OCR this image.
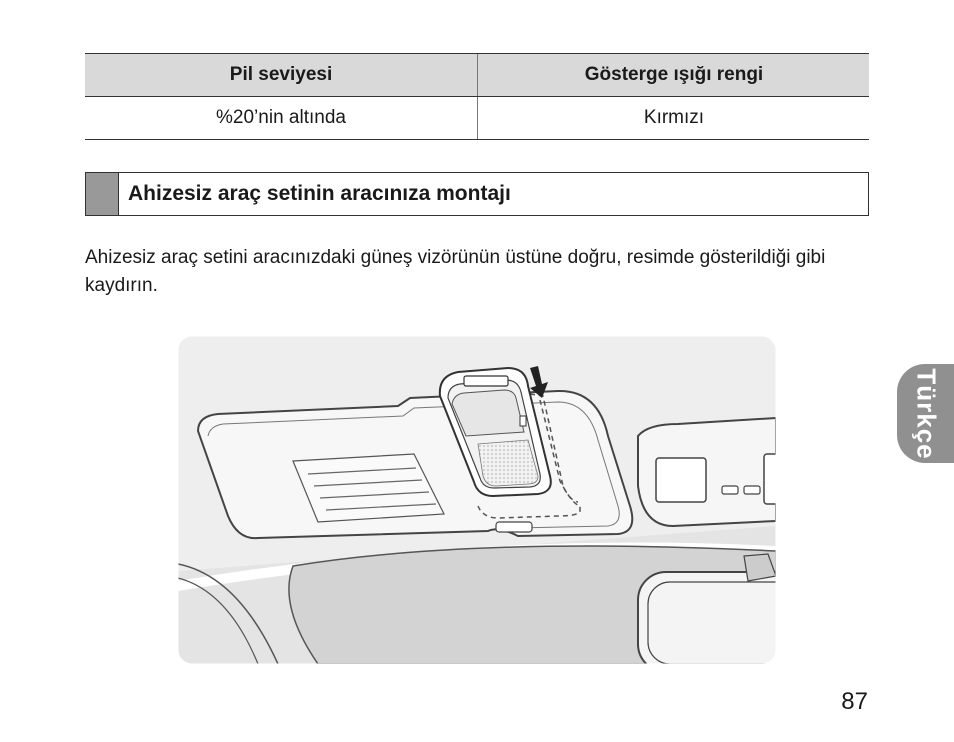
Pil seviyesi	Gösterge ışığı rengi
%20’nin altında	Kırmızı
Ahizesiz araç setinin aracınıza montajı

Ahizesiz araç setini aracınızdaki güneş vizörünün üstüne doğru, resimde gösterildiği gibi kaydırın.

Türkçe
87
